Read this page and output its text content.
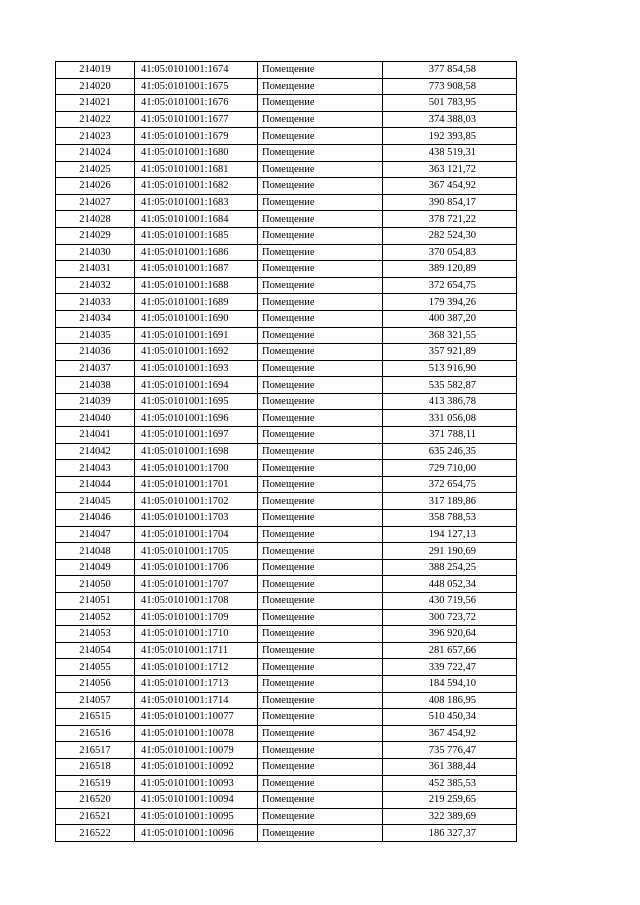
214019	41:05:0101001:1674	Помещение	377 854,58
214020	41:05:0101001:1675	Помещение	773 908,58
214021	41:05:0101001:1676	Помещение	501 783,95
214022	41:05:0101001:1677	Помещение	374 388,03
214023	41:05:0101001:1679	Помещение	192 393,85
214024	41:05:0101001:1680	Помещение	438 519,31
214025	41:05:0101001:1681	Помещение	363 121,72
214026	41:05:0101001:1682	Помещение	367 454,92
214027	41:05:0101001:1683	Помещение	390 854,17
214028	41:05:0101001:1684	Помещение	378 721,22
214029	41:05:0101001:1685	Помещение	282 524,30
214030	41:05:0101001:1686	Помещение	370 054,83
214031	41:05:0101001:1687	Помещение	389 120,89
214032	41:05:0101001:1688	Помещение	372 654,75
214033	41:05:0101001:1689	Помещение	179 394,26
214034	41:05:0101001:1690	Помещение	400 387,20
214035	41:05:0101001:1691	Помещение	368 321,55
214036	41:05:0101001:1692	Помещение	357 921,89
214037	41:05:0101001:1693	Помещение	513 916,90
214038	41:05:0101001:1694	Помещение	535 582,87
214039	41:05:0101001:1695	Помещение	413 386,78
214040	41:05:0101001:1696	Помещение	331 056,08
214041	41:05:0101001:1697	Помещение	371 788,11
214042	41:05:0101001:1698	Помещение	635 246,35
214043	41:05:0101001:1700	Помещение	729 710,00
214044	41:05:0101001:1701	Помещение	372 654,75
214045	41:05:0101001:1702	Помещение	317 189,86
214046	41:05:0101001:1703	Помещение	358 788,53
214047	41:05:0101001:1704	Помещение	194 127,13
214048	41:05:0101001:1705	Помещение	291 190,69
214049	41:05:0101001:1706	Помещение	388 254,25
214050	41:05:0101001:1707	Помещение	448 052,34
214051	41:05:0101001:1708	Помещение	430 719,56
214052	41:05:0101001:1709	Помещение	300 723,72
214053	41:05:0101001:1710	Помещение	396 920,64
214054	41:05:0101001:1711	Помещение	281 657,66
214055	41:05:0101001:1712	Помещение	339 722,47
214056	41:05:0101001:1713	Помещение	184 594,10
214057	41:05:0101001:1714	Помещение	408 186,95
216515	41:05:0101001:10077	Помещение	510 450,34
216516	41:05:0101001:10078	Помещение	367 454,92
216517	41:05:0101001:10079	Помещение	735 776,47
216518	41:05:0101001:10092	Помещение	361 388,44
216519	41:05:0101001:10093	Помещение	452 385,53
216520	41:05:0101001:10094	Помещение	219 259,65
216521	41:05:0101001:10095	Помещение	322 389,69
216522	41:05:0101001:10096	Помещение	186 327,37
